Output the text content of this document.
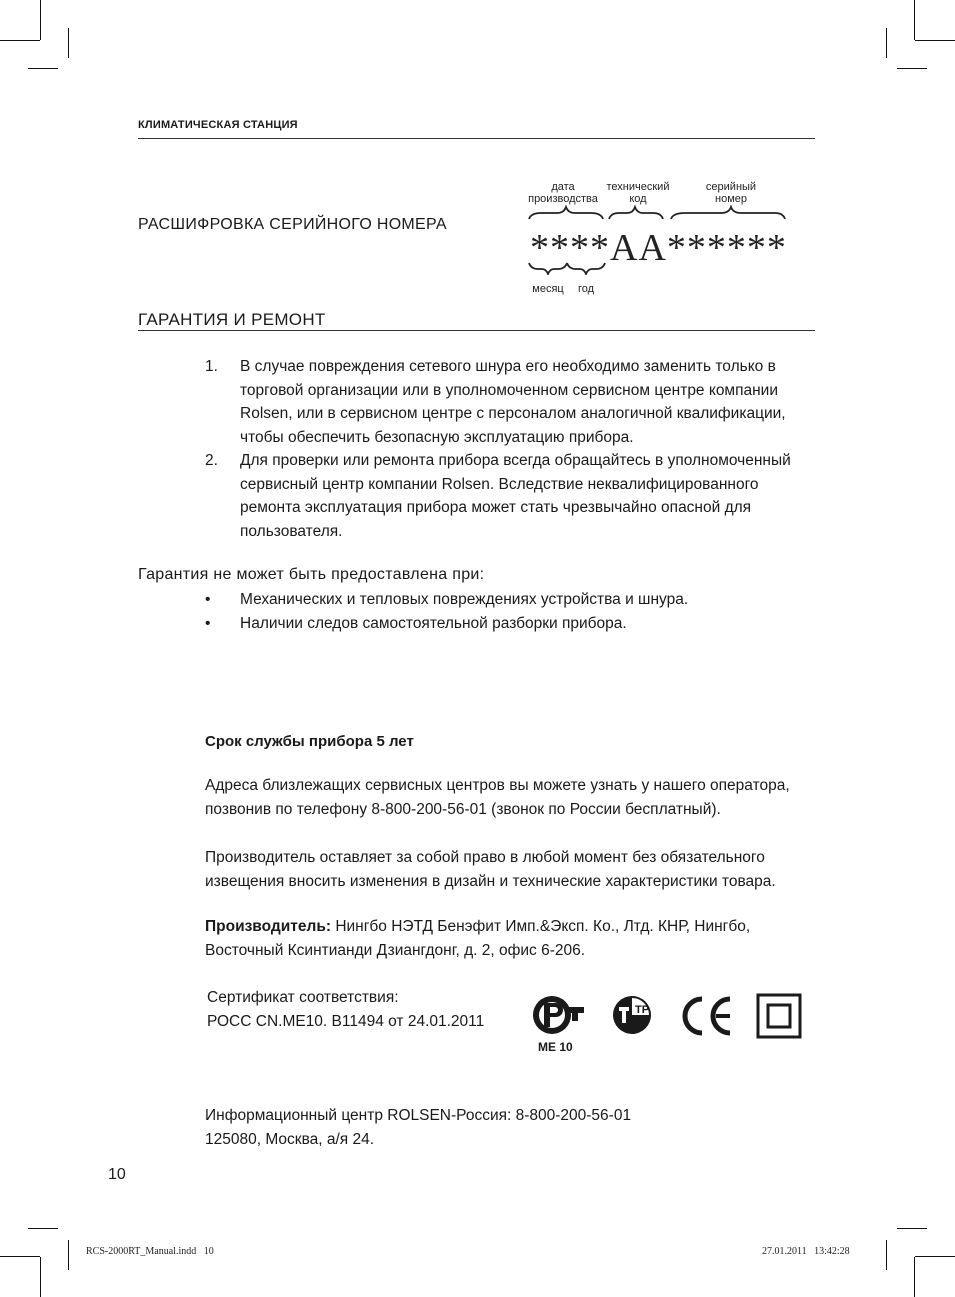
КЛИМАТИЧЕСКАЯ СТАНЦИЯ
РАСШИФРОВКА СЕРИЙНОГО НОМЕРА
дата
производства
технический
код
серийный
номер
****AA******
месяц	год
ГАРАНТИЯ И РЕМОНТ
1. В случае повреждения сетевого шнура его необходимо заменить только в
торговой организации или в уполномоченном сервисном центре компании
Rolsen, или в сервисном центре с персоналом аналогичной квалификации,
чтобы обеспечить безопасную эксплуатацию прибора.
2. Для проверки или ремонта прибора всегда обращайтесь в уполномоченный
сервисный центр компании Rolsen. Вследствие неквалифицированного
ремонта эксплуатация прибора может стать чрезвычайно опасной для
пользователя.
Гарантия не может быть предоставлена при:
• Механических и тепловых повреждениях устройства и шнура.
• Наличии следов самостоятельной разборки прибора.
Срок службы прибора 5 лет
Адреса близлежащих сервисных центров вы можете узнать у нашего оператора,
позвонив по телефону 8-800-200-56-01 (звонок по России бесплатный).
Производитель оставляет за собой право в любой момент без обязательного
извещения вносить изменения в дизайн и технические характеристики товара.
Производитель: Нингбо НЭТД Бенэфит Имп.&Эксп. Ко., Лтд. КНР, Нингбо,
Восточный Ксинтианди Дзиангдонг, д. 2, офис 6-206.
Сертификат соответствия:
РОСС CN.ME10. B11494 от 24.01.2011
ME 10
ТР
Информационный центр ROLSEN-Россия: 8-800-200-56-01
125080, Москва, а/я 24.
10
RCS-2000RT_Manual.indd   10	27.01.2011   13:42:28
